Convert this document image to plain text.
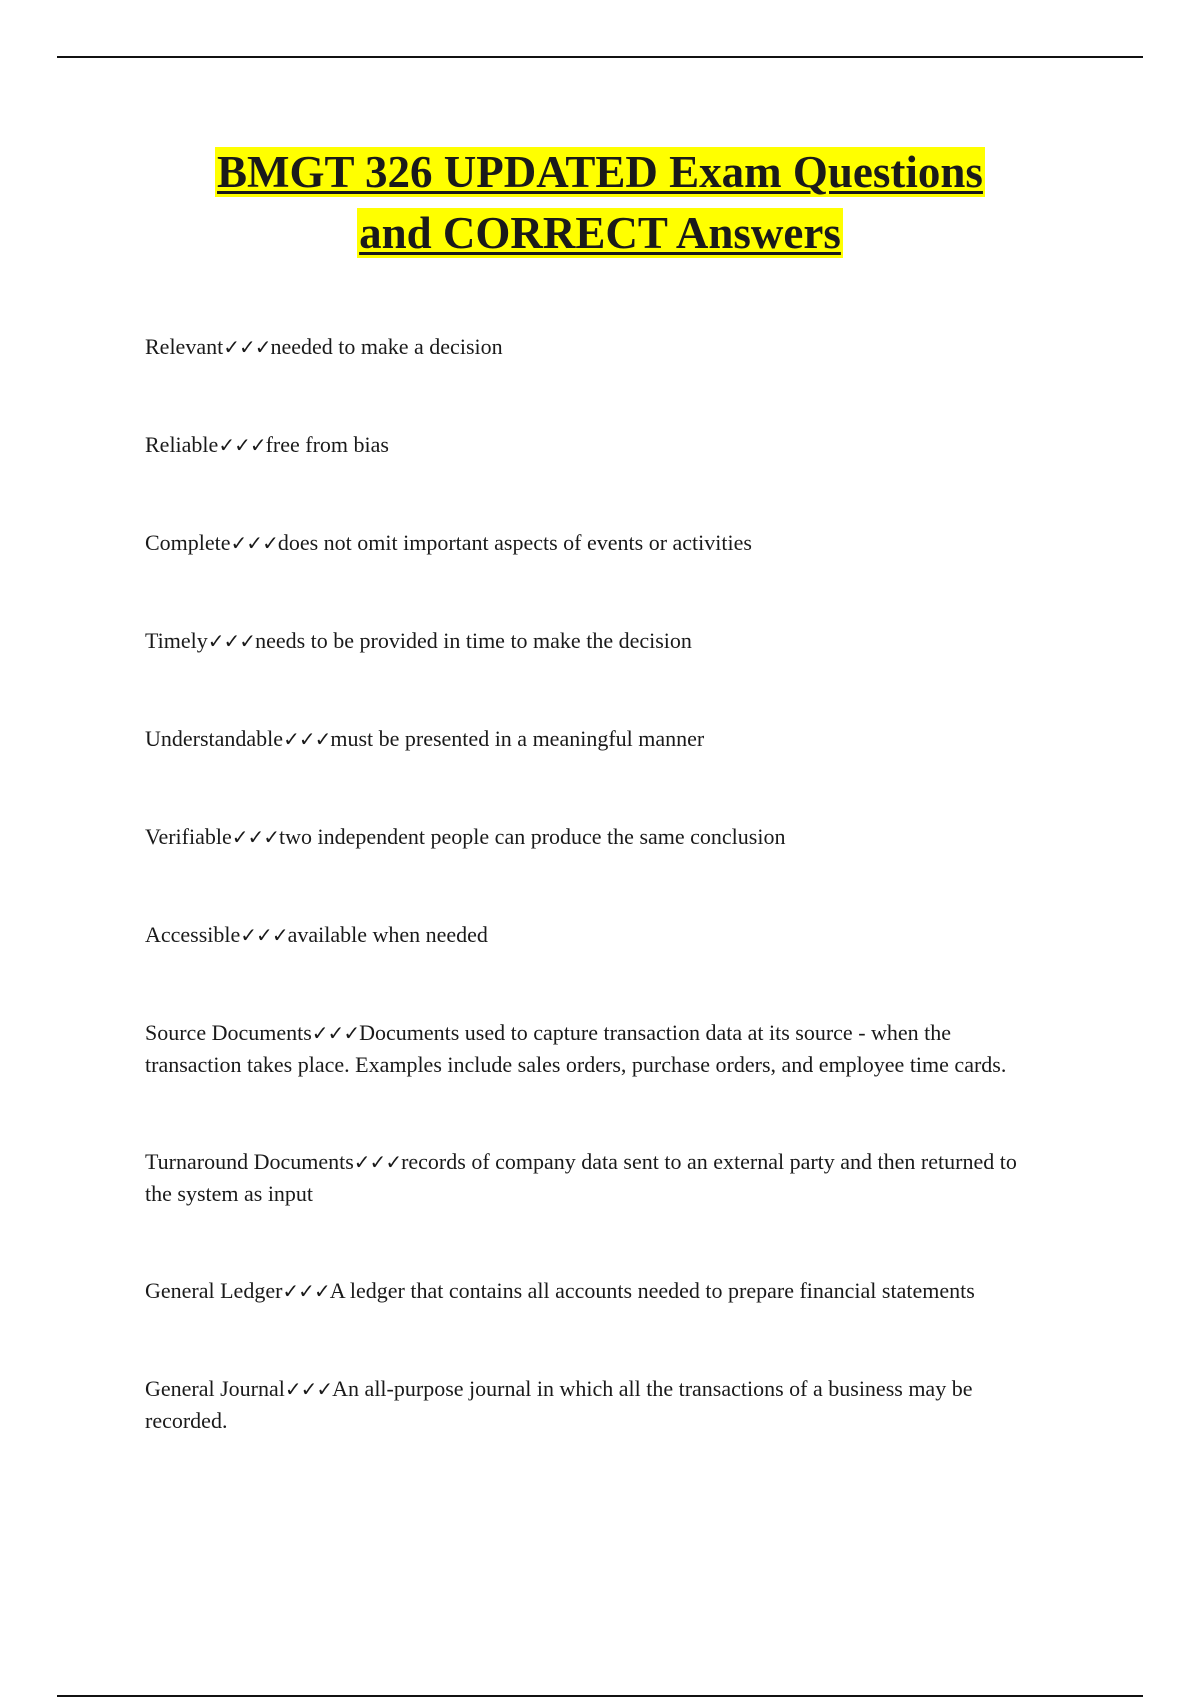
BMGT 326 UPDATED Exam Questions
and CORRECT Answers

Relevant✓✓✓needed to make a decision

Reliable✓✓✓free from bias

Complete✓✓✓does not omit important aspects of events or activities

Timely✓✓✓needs to be provided in time to make the decision

Understandable✓✓✓must be presented in a meaningful manner

Verifiable✓✓✓two independent people can produce the same conclusion

Accessible✓✓✓available when needed

Source Documents✓✓✓Documents used to capture transaction data at its source - when the transaction takes place. Examples include sales orders, purchase orders, and employee time cards.

Turnaround Documents✓✓✓records of company data sent to an external party and then returned to the system as input

General Ledger✓✓✓A ledger that contains all accounts needed to prepare financial statements

General Journal✓✓✓An all-purpose journal in which all the transactions of a business may be recorded.
